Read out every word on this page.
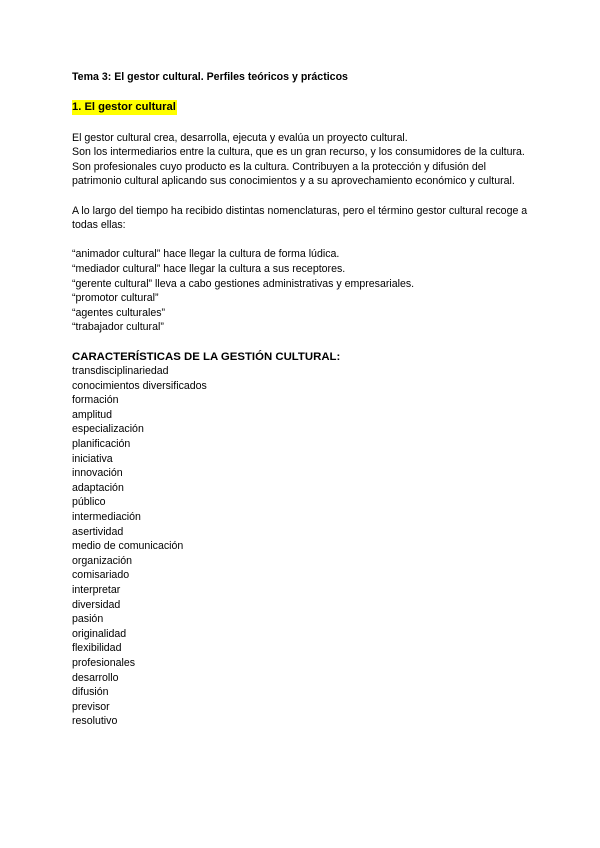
Tema 3: El gestor cultural. Perfiles teóricos y prácticos

1. El gestor cultural

El gestor cultural crea, desarrolla, ejecuta y evalúa un proyecto cultural.

Son los intermediarios entre la cultura, que es un gran recurso, y los consumidores de la cultura.

Son profesionales cuyo producto es la cultura. Contribuyen a la protección y difusión del patrimonio cultural aplicando sus conocimientos y a su aprovechamiento económico y cultural.

A lo largo del tiempo ha recibido distintas nomenclaturas, pero el término gestor cultural recoge a todas ellas:

“animador cultural” hace llegar la cultura de forma lúdica.
“mediador cultural” hace llegar la cultura a sus receptores.
“gerente cultural” lleva a cabo gestiones administrativas y empresariales.
“promotor cultural”
“agentes culturales”
“trabajador cultural”

CARACTERÍSTICAS DE LA GESTIÓN CULTURAL:

transdisciplinariedad
conocimientos diversificados
formación
amplitud
especialización
planificación
iniciativa
innovación
adaptación
público
intermediación
asertividad
medio de comunicación
organización
comisariado
interpretar
diversidad
pasión
originalidad
flexibilidad
profesionales
desarrollo
difusión
previsor
resolutivo
